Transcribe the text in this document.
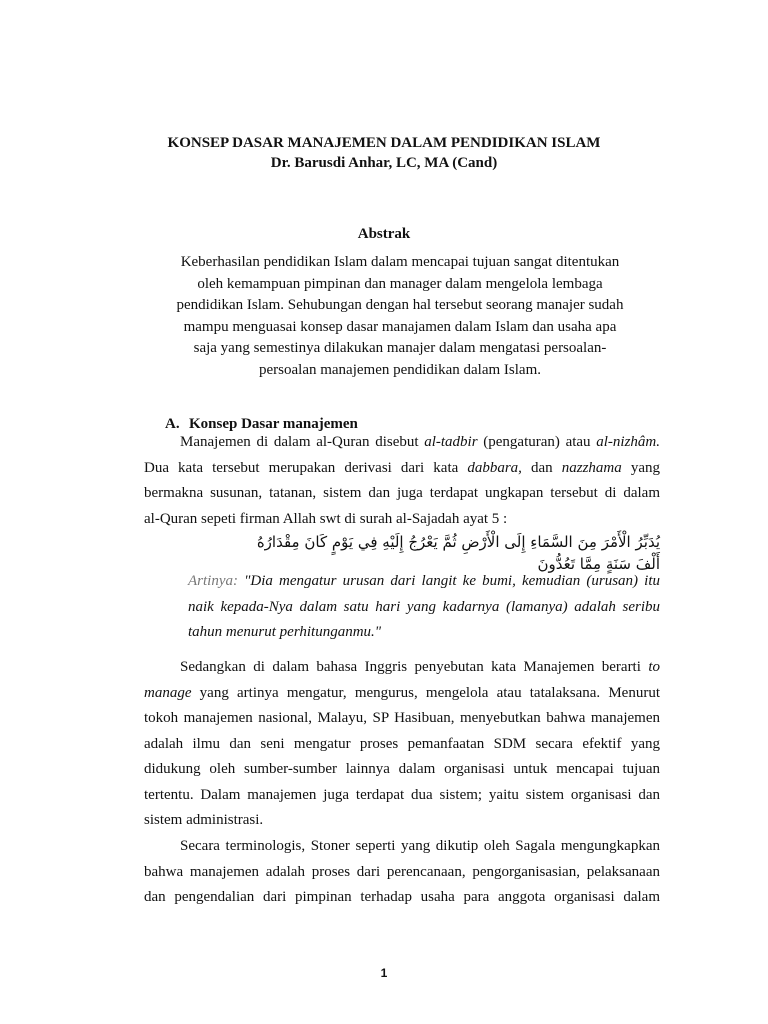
KONSEP DASAR MANAJEMEN DALAM PENDIDIKAN ISLAM
Dr. Barusdi Anhar, LC, MA (Cand)
Abstrak
Keberhasilan pendidikan Islam dalam mencapai tujuan sangat ditentukan
oleh kemampuan pimpinan dan manager dalam mengelola lembaga
pendidikan Islam. Sehubungan dengan hal tersebut seorang manajer sudah
mampu menguasai konsep dasar manajamen dalam Islam dan usaha apa
saja yang semestinya dilakukan manajer dalam mengatasi persoalan-
persoalan manajemen pendidikan dalam Islam.
A. Konsep Dasar manajemen
Manajemen di dalam al-Quran disebut al-tadbir (pengaturan) atau al-nizhâm.
Dua kata tersebut merupakan derivasi dari kata dabbara, dan nazzhama yang
bermakna susunan, tatanan, sistem dan juga terdapat ungkapan tersebut di dalam
al-Quran sepeti firman Allah swt di surah al-Sajadah ayat 5 :
يُدَبِّرُ الْأَمْرَ مِنَ السَّمَاءِ إِلَى الْأَرْضِ ثُمَّ يَعْرُجُ إِلَيْهِ فِي يَوْمٍ كَانَ مِقْدَارُهُ أَلْفَ سَنَةٍ مِمَّا تَعُدُّونَ
Artinya: "Dia mengatur urusan dari langit ke bumi, kemudian (urusan) itu
naik kepada-Nya dalam satu hari yang kadarnya (lamanya) adalah seribu
tahun menurut perhitunganmu."
Sedangkan di dalam bahasa Inggris penyebutan kata Manajemen berarti to
manage yang artinya mengatur, mengurus, mengelola atau tatalaksana. Menurut
tokoh manajemen nasional, Malayu, SP Hasibuan, menyebutkan bahwa manajemen
adalah ilmu dan seni mengatur proses pemanfaatan SDM secara efektif yang
didukung oleh sumber-sumber lainnya dalam organisasi untuk mencapai tujuan
tertentu. Dalam manajemen juga terdapat dua sistem; yaitu sistem organisasi dan
sistem administrasi.
Secara terminologis, Stoner seperti yang dikutip oleh Sagala mengungkapkan
bahwa manajemen adalah proses dari perencanaan, pengorganisasian, pelaksanaan
dan pengendalian dari pimpinan terhadap usaha para anggota organisasi dalam
1
